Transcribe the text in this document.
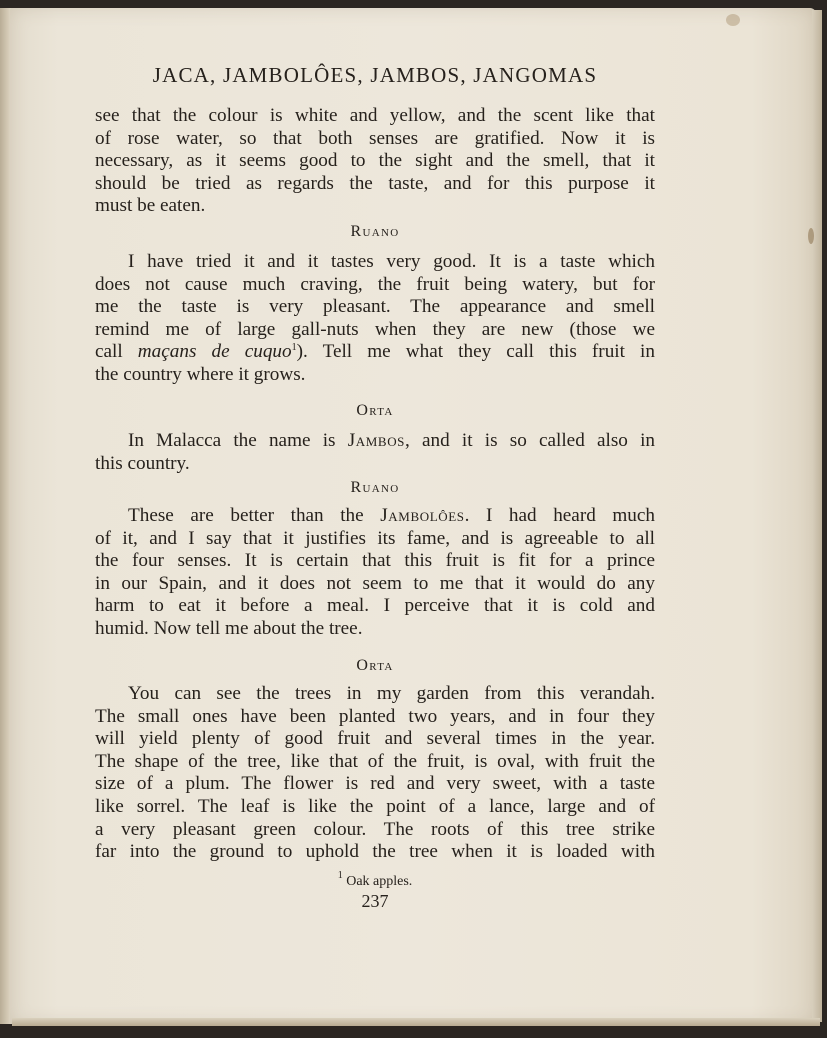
JACA, JAMBOLÔES, JAMBOS, JANGOMAS
see that the colour is white and yellow, and the scent like that
of rose water, so that both senses are gratified. Now it is
necessary, as it seems good to the sight and the smell, that it
should be tried as regards the taste, and for this purpose it
must be eaten.
Ruano
I have tried it and it tastes very good. It is a taste which
does not cause much craving, the fruit being watery, but for
me the taste is very pleasant. The appearance and smell
remind me of large gall-nuts when they are new (those we
call maçans de cuquo$^1$). Tell me what they call this fruit in
the country where it grows.
Orta
In Malacca the name is Jambos, and it is so called also in
this country.
Ruano
These are better than the Jambolôes. I had heard much
of it, and I say that it justifies its fame, and is agreeable to all
the four senses. It is certain that this fruit is fit for a prince
in our Spain, and it does not seem to me that it would do any
harm to eat it before a meal. I perceive that it is cold and
humid. Now tell me about the tree.
Orta
You can see the trees in my garden from this verandah.
The small ones have been planted two years, and in four they
will yield plenty of good fruit and several times in the year.
The shape of the tree, like that of the fruit, is oval, with fruit the
size of a plum. The flower is red and very sweet, with a taste
like sorrel. The leaf is like the point of a lance, large and of
a very pleasant green colour. The roots of this tree strike
far into the ground to uphold the tree when it is loaded with
$^1$ Oak apples.
237
